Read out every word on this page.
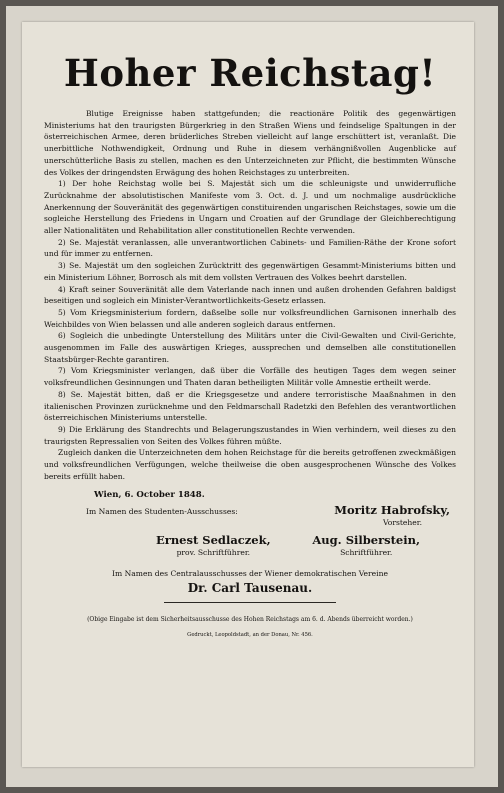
Hoher Reichstag!

Blutige Ereignisse haben stattgefunden; die reactionäre Politik des gegenwärtigen Ministeriums hat den traurigsten Bürgerkrieg in den Straßen Wiens und feindselige Spaltungen in der österreichischen Armee, deren brüderliches Streben vielleicht auf lange erschüttert ist, veranlaßt. Die unerbittliche Nothwendigkeit, Ordnung und Ruhe in diesem verhängnißvollen Augenblicke auf unerschütterliche Basis zu stellen, machen es den Unterzeichneten zur Pflicht, die bestimmten Wünsche des Volkes der dringendsten Erwägung des hohen Reichstages zu unterbreiten.

1) Der hohe Reichstag wolle bei S. Majestät sich um die schleunigste und unwiderrufliche Zurücknahme der absolutistischen Manifeste vom 3. Oct. d. J. und um nochmalige ausdrückliche Anerkennung der Souveränität des gegenwärtigen constituirenden ungarischen Reichstages, sowie um die sogleiche Herstellung des Friedens in Ungarn und Croatien auf der Grundlage der Gleichberechtigung aller Nationalitäten und Rehabilitation aller constitutionellen Rechte verwenden.

2) Se. Majestät veranlassen, alle unverantwortlichen Cabinets- und Familien-Räthe der Krone sofort und für immer zu entfernen.

3) Se. Majestät um den sogleichen Zurücktritt des gegenwärtigen Gesammt-Ministeriums bitten und ein Ministerium Löhner, Borrosch als mit dem vollsten Vertrauen des Volkes beehrt darstellen.

4) Kraft seiner Souveränität alle dem Vaterlande nach innen und außen drohenden Gefahren baldigst beseitigen und sogleich ein Minister-Verantwortlichkeits-Gesetz erlassen.

5) Vom Kriegsministerium fordern, daßselbe solle nur volksfreundlichen Garnisonen innerhalb des Weichbildes von Wien belassen und alle anderen sogleich daraus entfernen.

6) Sogleich die unbedingte Unterstellung des Militärs unter die Civil-Gewalten und Civil-Gerichte, ausgenommen im Falle des auswärtigen Krieges, aussprechen und demselben alle constitutionellen Staatsbürger-Rechte garantiren.

7) Vom Kriegsminister verlangen, daß über die Vorfälle des heutigen Tages dem wegen seiner volksfreundlichen Gesinnungen und Thaten daran betheiligten Militär volle Amnestie ertheilt werde.

8) Se. Majestät bitten, daß er die Kriegsgesetze und andere terroristische Maaßnahmen in den italienischen Provinzen zurücknehme und den Feldmarschall Radetzki den Befehlen des verantwortlichen österreichischen Ministeriums unterstelle.

9) Die Erklärung des Standrechts und Belagerungszustandes in Wien verhindern, weil dieses zu den traurigsten Repressalien von Seiten des Volkes führen müßte.

Zugleich danken die Unterzeichneten dem hohen Reichstage für die bereits getroffenen zweckmäßigen und volksfreundlichen Verfügungen, welche theilweise die oben ausgesprochenen Wünsche des Volkes bereits erfüllt haben.

Wien, 6. October 1848.
Im Namen des Studenten-Ausschusses:	Moritz Habrofsky,
Vorsteher.
Ernest Sedlaczek,
prov. Schriftführer.
Aug. Silberstein,
Schriftführer.
Im Namen des Centralausschusses der Wiener demokratischen Vereine
Dr. Carl Tausenau.
(Obige Eingabe ist dem Sicherheitsausschusse des Hohen Reichstags am 6. d. Abends überreicht worden.)
Gedruckt, Leopoldstadt, an der Donau, Nr. 456.
